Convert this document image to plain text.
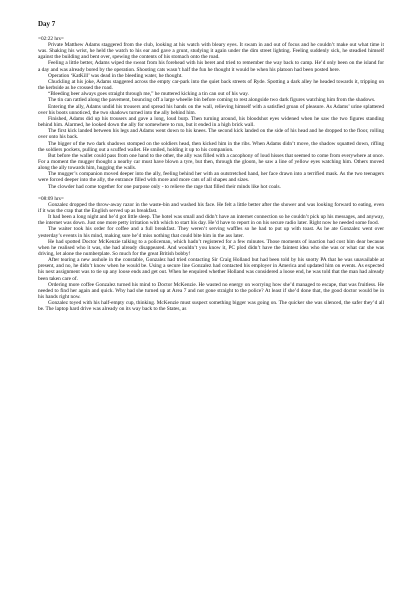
Day 7
=02:22 hrs=

Private Matthew Adams staggered from the club, looking at his watch with bleary eyes. It swam in and out of focus and he couldn’t make out what time it was. Shaking his wrist, he held the watch to his ear and gave a grunt, studying it again under the dim street lighting. Feeling suddenly sick, he steadied himself against the building and bent over, spewing the contents of his stomach onto the road.

Feeling a little better, Adams wiped the sweat from his forehead with his beret and tried to remember the way back to camp. He’d only been on the island for a day and was already bored by the operation. Shooting cats wasn’t half the fun he thought it would be when his platoon had been posted here.

Operation ‘KatKill’ was dead in the bleeding water, he thought.

Chuckling at his joke, Adams staggered across the empty car-park into the quiet back streets of Ryde. Spotting a dark alley he headed towards it, tripping on the kerbside as he crossed the road.

“Bleeding beer always goes straight through me,” he muttered kicking a tin can out of his way.

The tin can rattled along the pavement, bouncing off a large wheelie bin before coming to rest alongside two dark figures watching him from the shadows.

Entering the ally, Adams undid his trousers and spread his hands on the wall, relieving himself with a satisfied groan of pleasure. As Adams’ urine splattered over his boots unnoticed, the two shadows turned into the ally behind him.

Finished, Adams did up his trousers and gave a long, loud burp. Then turning around, his bloodshot eyes widened when he saw the two figures standing behind him. Alarmed, he looked down the ally for somewhere to run, but it ended in a high brick wall.

The first kick landed between his legs and Adams went down to his knees. The second kick landed on the side of his head and he dropped to the floor, rolling over onto his back.

The bigger of the two dark shadows stomped on the soldiers head, then kicked him in the ribs. When Adams didn’t move, the shadow squatted down, rifling the soldiers pockets, pulling out a scuffed wallet. He smiled, holding it up to his companion.

But before the wallet could pass from one hand to the other, the ally was filled with a cacophony of loud hisses that seemed to come from everywhere at once. For a moment the mugger thought a nearby car must have blown a tyre, but then, through the gloom, he saw a line of yellow eyes watching him. Others moved along the ally towards him, hugging the walls.

The mugger’s companion moved deeper into the ally, feeling behind her with an outstretched hand, her face drawn into a terrified mask. As the two teenagers were forced deeper into the ally, the entrance filled with more and more cats of all shapes and sizes.

The clowder had come together for one purpose only - to relieve the rage that filled their minds like hot coals.

=08:09 hrs=

Gonzalez dropped the throw-away razor in the waste-bin and washed his face. He felt a little better after the shower and was looking forward to eating, even if it was the crap that the English served up as breakfast.

It had been a long night and he’d got little sleep. The hotel was small and didn’t have an internet connection so he couldn’t pick up his messages, and anyway, the internet was down. Just one more petty irritation with which to start his day. He’d have to report in on his secure radio later. Right now he needed some food.

The waiter took his order for coffee and a full breakfast. They weren’t serving waffles so he had to put up with toast. As he ate Gonzalez went over yesterday’s events in his mind, making sure he’d miss nothing that could bite him in the ass later.

He had spotted Doctor McKenzie talking to a policeman, which hadn’t registered for a few minutes. Those moments of inaction had cost him dear because when he realised who it was, she had already disappeared. And wouldn’t you know it, PC plod didn’t have the faintest idea who she was or what car she was driving, let alone the numberplate. So much for the great British bobby!

After tearing a new asshole in the constable, Gonzalez had tried contacting Sir Craig Holland but had been told by his snotty PA that he was unavailable at present, and no, he didn’t know when he would be. Using a secure line Gonzalez had contacted his employer in America and updated him on events. As expected his next assignment was to tie up any loose ends and get out. When he enquired whether Holland was considered a loose end, he was told that the man had already been taken care of.

Ordering more coffee Gonzalez turned his mind to Doctor McKenzie. He wasted no energy on worrying how she’d managed to escape, that was fruitless. He needed to find her again and quick. Why had she turned up at Area 7 and not gone straight to the police? At least if she’d done that, the good doctor would be in his hands right now.

Gonzalez toyed with his half-empty cup, thinking. McKenzie must suspect something bigger was going on. The quicker she was silenced, the safer they’d all be. The laptop hard drive was already on its way back to the States, as
